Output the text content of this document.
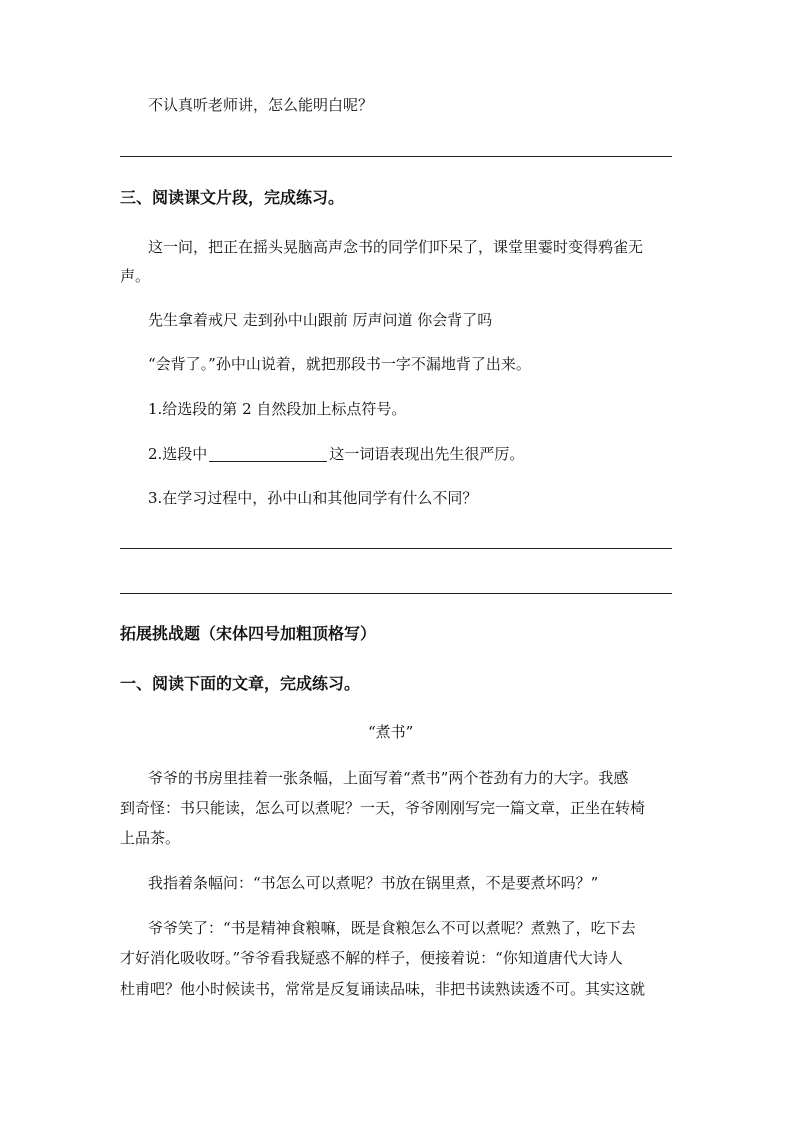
不认真听老师讲，怎么能明白呢？
三、阅读课文片段，完成练习。
这一问，把正在摇头晃脑高声念书的同学们吓呆了，课堂里霎时变得鸦雀无
声。
先生拿着戒尺 走到孙中山跟前 厉声问道 你会背了吗
“会背了。”孙中山说着，就把那段书一字不漏地背了出来。
1.给选段的第 2 自然段加上标点符号。
2.选段中	这一词语表现出先生很严厉。
3.在学习过程中，孙中山和其他同学有什么不同？
拓展挑战题（宋体四号加粗顶格写）
一、阅读下面的文章，完成练习。
“煮书”
爷爷的书房里挂着一张条幅，上面写着“煮书”两个苍劲有力的大字。我感
到奇怪：书只能读，怎么可以煮呢？一天，爷爷刚刚写完一篇文章，正坐在转椅
上品茶。
我指着条幅问：“书怎么可以煮呢？书放在锅里煮，不是要煮坏吗？”
爷爷笑了：“书是精神食粮嘛，既是食粮怎么不可以煮呢？煮熟了，吃下去
才好消化吸收呀。”爷爷看我疑惑不解的样子，便接着说：“你知道唐代大诗人
杜甫吧？他小时候读书，常常是反复诵读品味，非把书读熟读透不可。其实这就
